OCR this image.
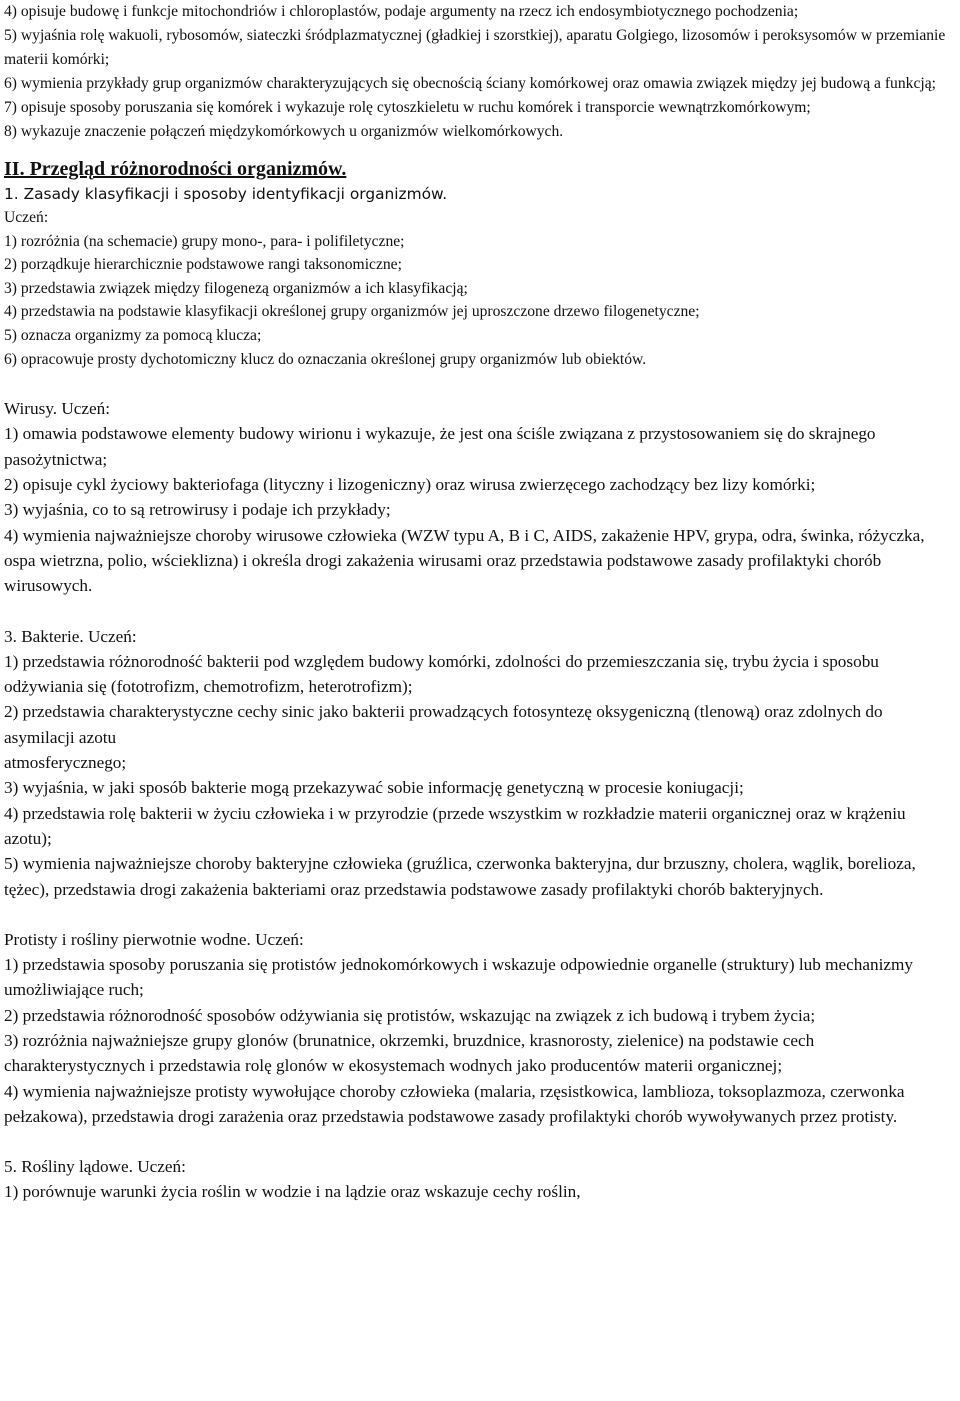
4) opisuje budowę i funkcje mitochondriów i chloroplastów, podaje argumenty na rzecz ich endosymbiotycznego pochodzenia;

5) wyjaśnia rolę wakuoli, rybosomów, siateczki śródplazmatycznej (gładkiej i szorstkiej), aparatu Golgiego, lizosomów i peroksysomów w przemianie materii komórki;

6) wymienia przykłady grup organizmów charakteryzujących się obecnością ściany komórkowej oraz omawia związek między jej budową a funkcją;

7) opisuje sposoby poruszania się komórek i wykazuje rolę cytoszkieletu w ruchu komórek i transporcie wewnątrzkomórkowym;

8) wykazuje znaczenie połączeń międzykomórkowych u organizmów wielkomórkowych.

II. Przegląd różnorodności organizmów.
1. Zasady klasyfikacji i sposoby identyfikacji organizmów.

Uczeń:

1) rozróżnia (na schemacie) grupy mono-, para- i polifiletyczne;

2) porządkuje hierarchicznie podstawowe rangi taksonomiczne;

3) przedstawia związek między filogenezą organizmów a ich klasyfikacją;

4) przedstawia na podstawie klasyfikacji określonej grupy organizmów jej uproszczone drzewo filogenetyczne;

5) oznacza organizmy za pomocą klucza;

6) opracowuje prosty dychotomiczny klucz do oznaczania określonej grupy organizmów lub obiektów.

Wirusy. Uczeń:

1) omawia podstawowe elementy budowy wirionu i wykazuje, że jest ona ściśle związana z przystosowaniem się do skrajnego pasożytnictwa;

2) opisuje cykl życiowy bakteriofaga (lityczny i lizogeniczny) oraz wirusa zwierzęcego zachodzący bez lizy komórki;

3) wyjaśnia, co to są retrowirusy i podaje ich przykłady;

4) wymienia najważniejsze choroby wirusowe człowieka (WZW typu A, B i C, AIDS, zakażenie HPV, grypa, odra, świnka, różyczka, ospa wietrzna, polio, wścieklizna) i określa drogi zakażenia wirusami oraz przedstawia podstawowe zasady profilaktyki chorób wirusowych.

3. Bakterie. Uczeń:

1) przedstawia różnorodność bakterii pod względem budowy komórki, zdolności do przemieszczania się, trybu życia i sposobu odżywiania się (fototrofizm, chemotrofizm, heterotrofizm);

2) przedstawia charakterystyczne cechy sinic jako bakterii prowadzących fotosyntezę oksygeniczną (tlenową) oraz zdolnych do asymilacji azotu

atmosferycznego;

3) wyjaśnia, w jaki sposób bakterie mogą przekazywać sobie informację genetyczną w procesie koniugacji;

4) przedstawia rolę bakterii w życiu człowieka i w przyrodzie (przede wszystkim w rozkładzie materii organicznej oraz w krążeniu azotu);

5) wymienia najważniejsze choroby bakteryjne człowieka (gruźlica, czerwonka bakteryjna, dur brzuszny, cholera, wąglik, borelioza, tężec), przedstawia drogi zakażenia bakteriami oraz przedstawia podstawowe zasady profilaktyki chorób bakteryjnych.

Protisty i rośliny pierwotnie wodne. Uczeń:

1) przedstawia sposoby poruszania się protistów jednokomórkowych i wskazuje odpowiednie organelle (struktury) lub mechanizmy umożliwiające ruch;

2) przedstawia różnorodność sposobów odżywiania się protistów, wskazując na związek z ich budową i trybem życia;

3) rozróżnia najważniejsze grupy glonów (brunatnice, okrzemki, bruzdnice, krasnorosty, zielenice) na podstawie cech charakterystycznych i przedstawia rolę glonów w ekosystemach wodnych jako producentów materii organicznej;

4) wymienia najważniejsze protisty wywołujące choroby człowieka (malaria, rzęsistkowica, lamblioza, toksoplazmoza, czerwonka pełzakowa), przedstawia drogi zarażenia oraz przedstawia podstawowe zasady profilaktyki chorób wywoływanych przez protisty.

5. Rośliny lądowe. Uczeń:

1) porównuje warunki życia roślin w wodzie i na lądzie oraz wskazuje cechy roślin,
